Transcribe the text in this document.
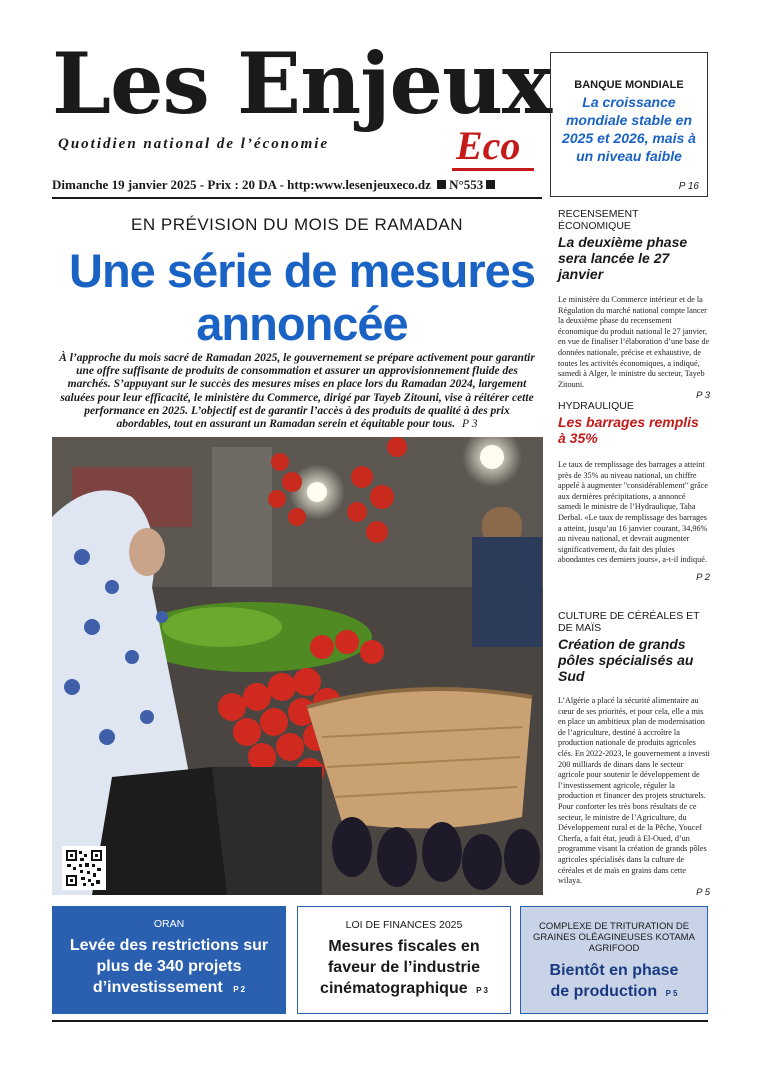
Les Enjeux
Quotidien national de l’économie	Eco
Dimanche 19 janvier 2025 - Prix : 20 DA - http:www.lesenjeuxeco.dz N°553
BANQUE MONDIALE
La croissance mondiale stable en 2025 et 2026, mais à un niveau faible
P 16
EN PRÉVISION DU MOIS DE RAMADAN
Une série de mesures annoncée
À l’approche du mois sacré de Ramadan 2025, le gouvernement se prépare activement pour garantir une offre suffisante de produits de consommation et assurer un approvisionnement fluide des marchés. S’appuyant sur le succès des mesures mises en place lors du Ramadan 2024, largement saluées pour leur efficacité, le ministère du Commerce, dirigé par Tayeb Zitouni, vise à réitérer cette performance en 2025. L’objectif est de garantir l’accès à des produits de qualité à des prix abordables, tout en assurant un Ramadan serein et équitable pour tous. P 3
RECENSEMENT ÉCONOMIQUE
La deuxième phase sera lancée le 27 janvier
Le ministère du Commerce intérieur et de la Régulation du marché national compte lancer la deuxième phase du recensement économique du produit national le 27 janvier, en vue de finaliser l’élaboration d’une base de données nationale, précise et exhaustive, de toutes les activités économiques, a indiqué, samedi à Alger, le ministre du secteur, Tayeb Zitouni.
P 3
HYDRAULIQUE
Les barrages remplis à 35%
Le taux de remplissage des barrages a atteint près de 35% au niveau national, un chiffre appelé à augmenter "considérablement" grâce aux dernières précipitations, a annoncé samedi le ministre de l’Hydraulique, Taha Derbal. «Le taux de remplissage des barrages a atteint, jusqu’au 16 janvier courant, 34,96% au niveau national, et devrait augmenter significativement, du fait des pluies abondantes ces derniers jours», a-t-il indiqué.
P 2
CULTURE DE CÉRÉALES ET DE MAÏS
Création de grands pôles spécialisés au Sud
L’Algérie a placé la sécurité alimentaire au cœur de ses priorités, et pour cela, elle a mis en place un ambitieux plan de modernisation de l’agriculture, destiné à accroître la production nationale de produits agricoles clés. En 2022-2023, le gouvernement a investi 200 milliards de dinars dans le secteur agricole pour soutenir le développement de l’investissement agricole, réguler la production et financer des projets structurels. Pour conforter les très bons résultats de ce secteur, le ministre de l’Agriculture, du Développement rural et de la Pêche, Youcef Cherfa, a fait état, jeudi à El-Oued, d’un programme visant la création de grands pôles agricoles spécialisés dans la culture de céréales et de maïs en grains dans cette wilaya.
P 5
ORAN
Levée des restrictions sur plus de 340 projets d’investissement P 2
LOI DE FINANCES 2025
Mesures fiscales en faveur de l’industrie cinématographique P 3
COMPLEXE DE TRITURATION DE GRAINES OLÉAGINEUSES KOTAMA AGRIFOOD
Bientôt en phase de production P 5
